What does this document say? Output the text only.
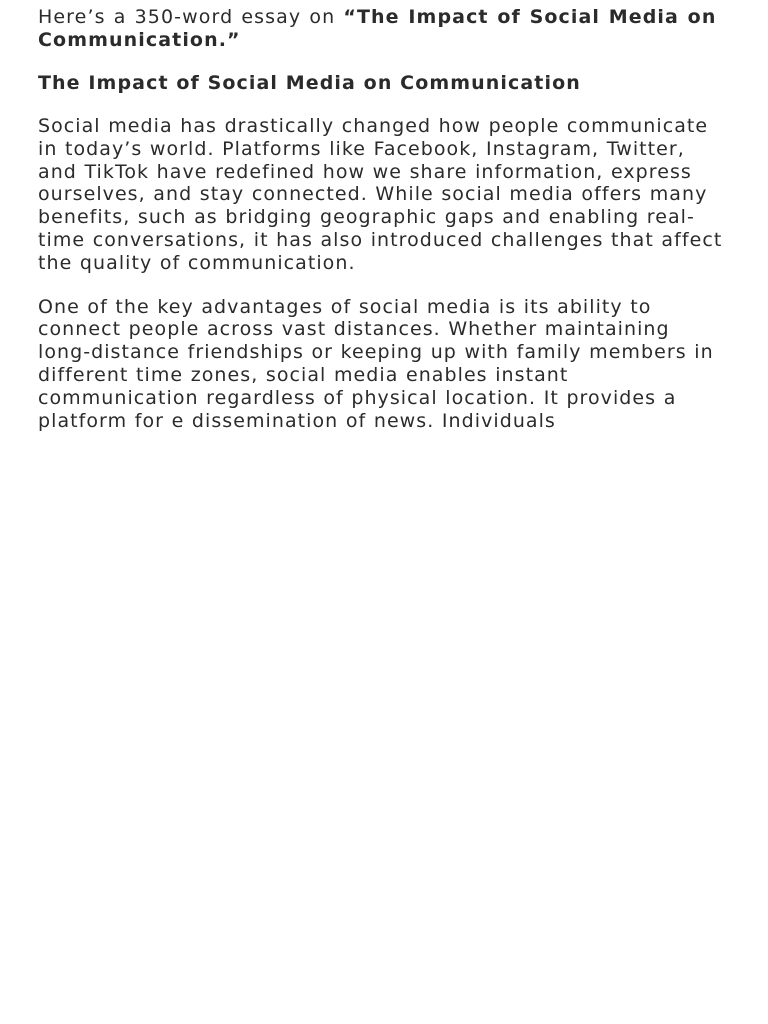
Here’s a 350-word essay on “The Impact of Social Media on Communication.”

The Impact of Social Media on Communication

Social media has drastically changed how people communicate in today’s world. Platforms like Facebook, Instagram, Twitter, and TikTok have redefined how we share information, express ourselves, and stay connected. While social media offers many benefits, such as bridging geographic gaps and enabling real-time conversations, it has also introduced challenges that affect the quality of communication.

One of the key advantages of social media is its ability to connect people across vast distances. Whether maintaining long-distance friendships or keeping up with family members in different time zones, social media enables instant communication regardless of physical location. It provides a platform for e dissemination of news. Individuals
